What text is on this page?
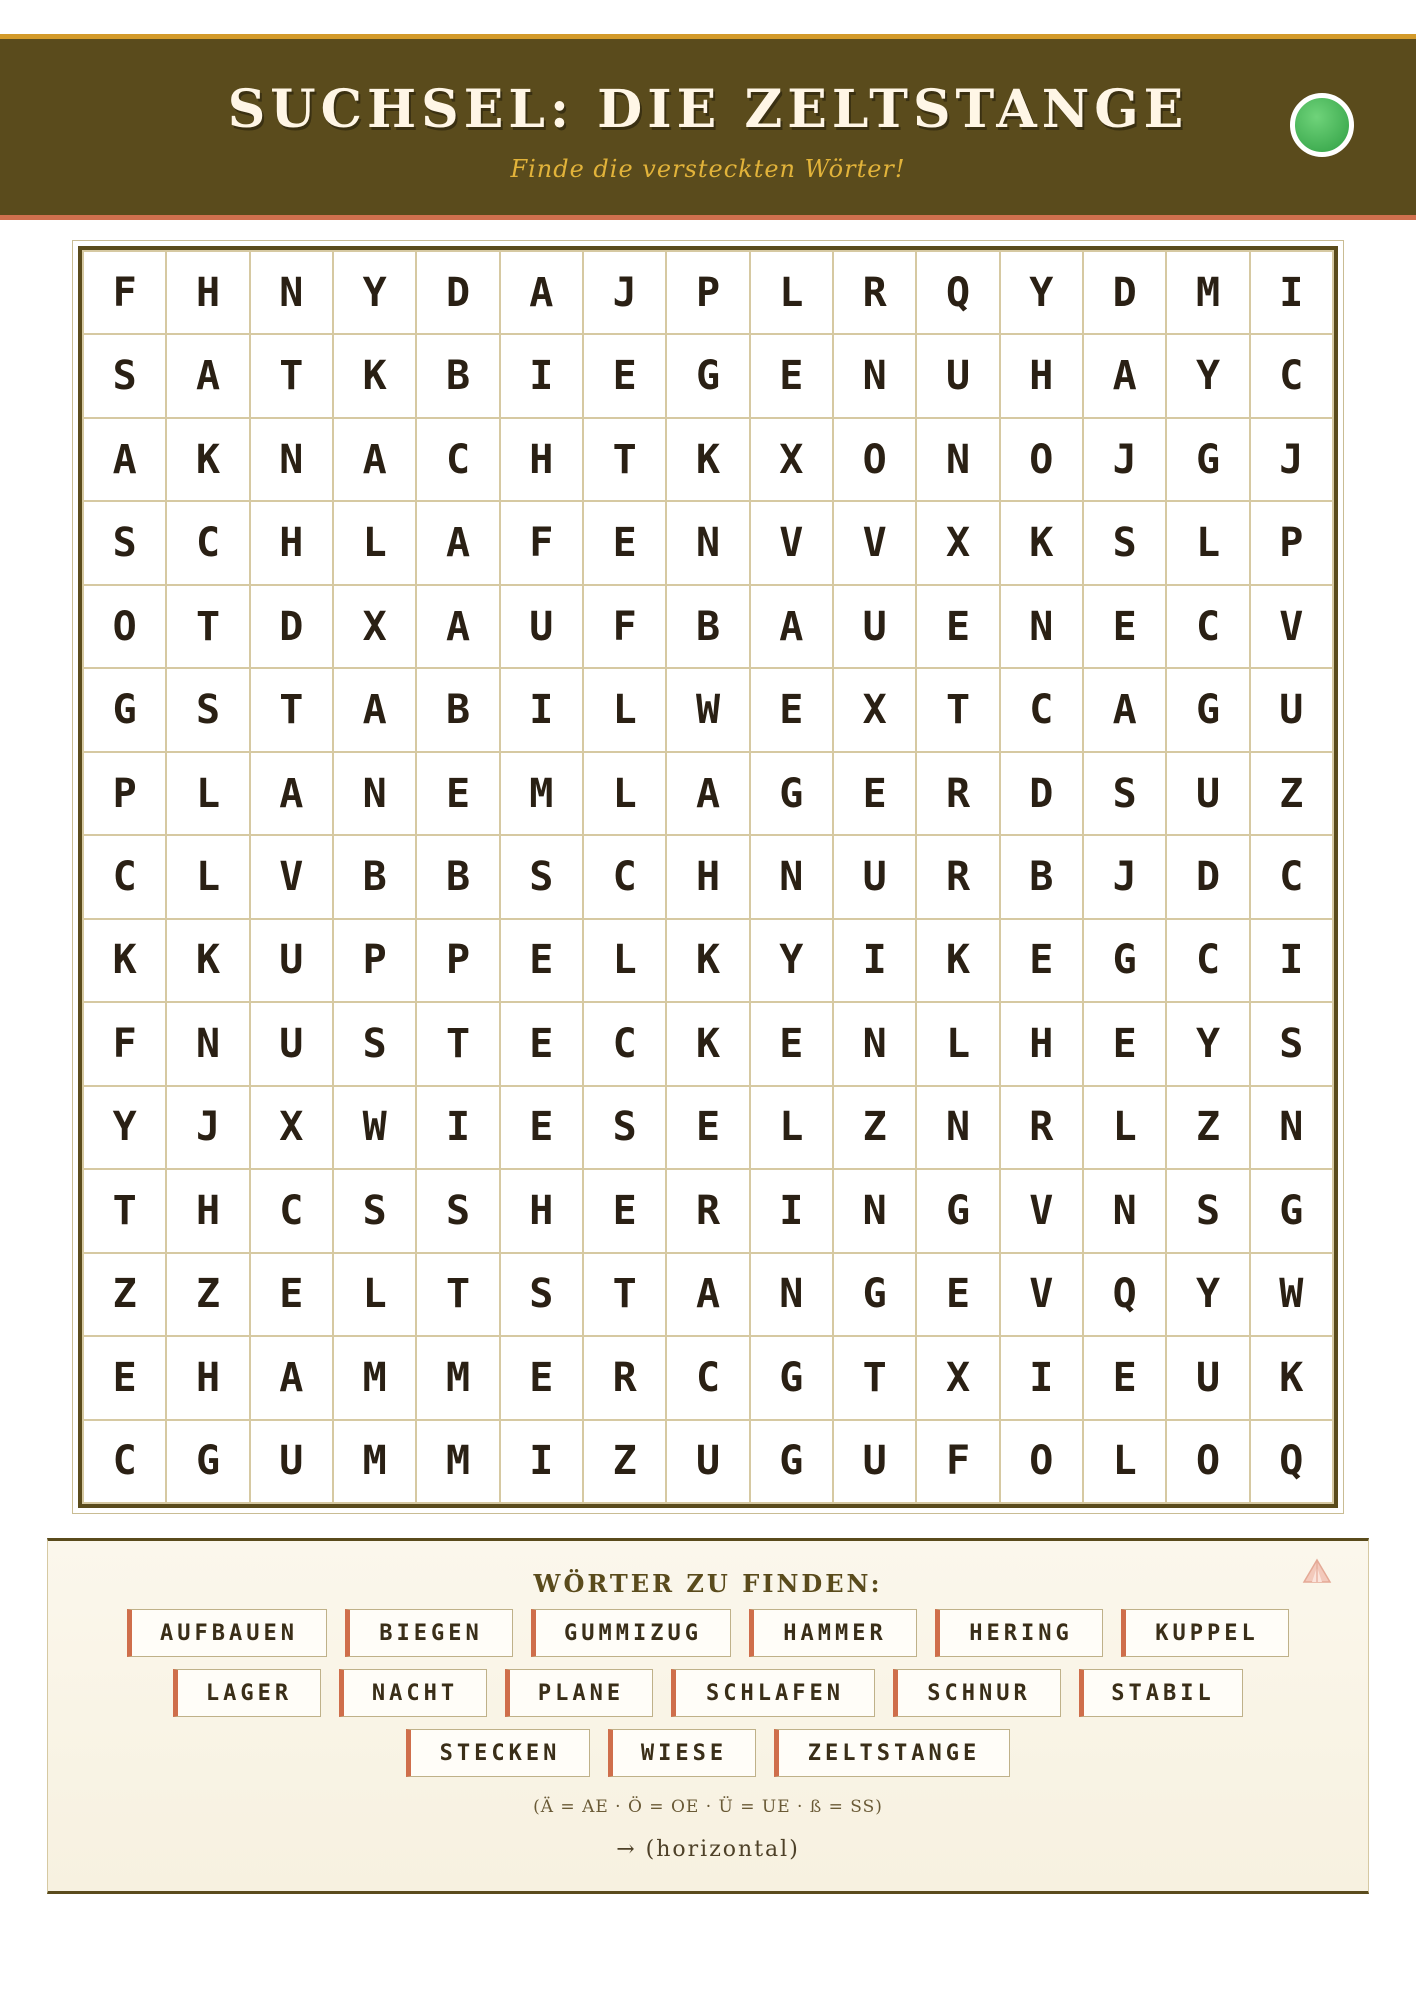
SUCHSEL: DIE ZELTSTANGE
Finde die versteckten Wörter!
F	H	N	Y	D	A	J	P	L	R	Q	Y	D	M	I
S	A	T	K	B	I	E	G	E	N	U	H	A	Y	C
A	K	N	A	C	H	T	K	X	O	N	O	J	G	J
S	C	H	L	A	F	E	N	V	V	X	K	S	L	P
O	T	D	X	A	U	F	B	A	U	E	N	E	C	V
G	S	T	A	B	I	L	W	E	X	T	C	A	G	U
P	L	A	N	E	M	L	A	G	E	R	D	S	U	Z
C	L	V	B	B	S	C	H	N	U	R	B	J	D	C
K	K	U	P	P	E	L	K	Y	I	K	E	G	C	I
F	N	U	S	T	E	C	K	E	N	L	H	E	Y	S
Y	J	X	W	I	E	S	E	L	Z	N	R	L	Z	N
T	H	C	S	S	H	E	R	I	N	G	V	N	S	G
Z	Z	E	L	T	S	T	A	N	G	E	V	Q	Y	W
E	H	A	M	M	E	R	C	G	T	X	I	E	U	K
C	G	U	M	M	I	Z	U	G	U	F	O	L	O	Q
WÖRTER ZU FINDEN:
AUFBAUEN	BIEGEN	GUMMIZUG	HAMMER	HERING	KUPPEL
LAGER	NACHT	PLANE	SCHLAFEN	SCHNUR	STABIL
STECKEN	WIESE	ZELTSTANGE
(Ä = AE · Ö = OE · Ü = UE · ß = SS)
→ (horizontal)
